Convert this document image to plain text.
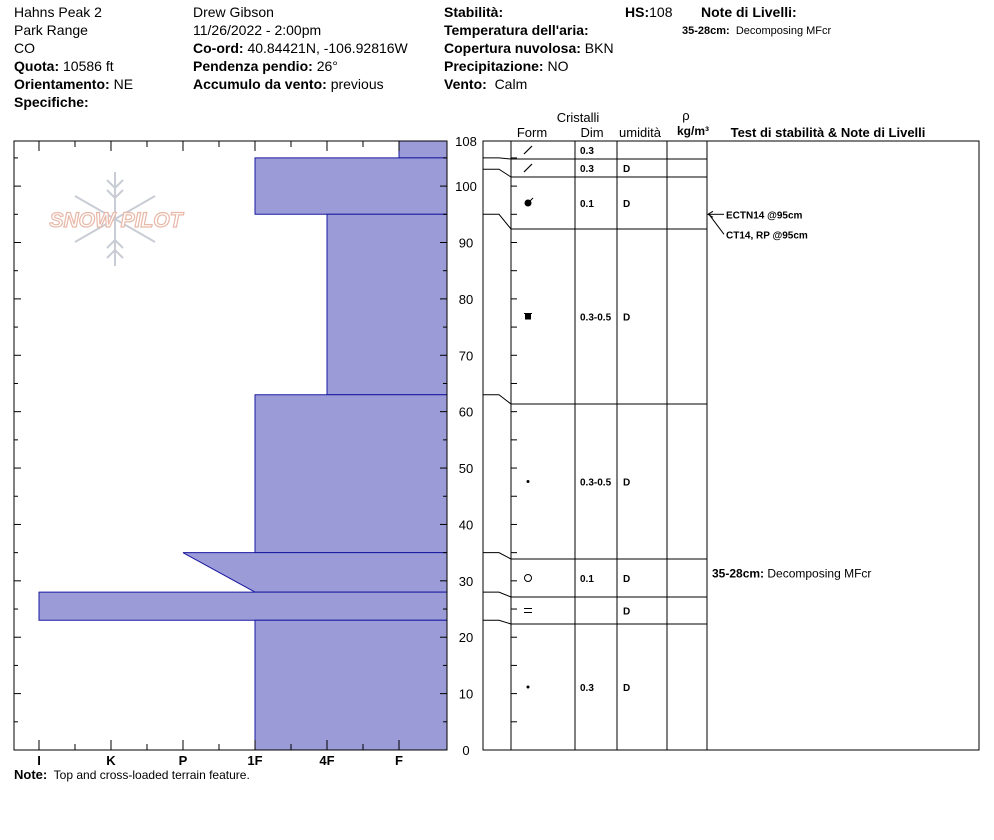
Hahns Peak 2
Park Range
CO
Quota: 10586 ft
Orientamento: NE
Specifiche:
Drew Gibson
11/26/2022 - 2:00pm
Co-ord: 40.84421N, -106.92816W
Pendenza pendio: 26°
Accumulo da vento: previous
Stabilità:
Temperatura dell'aria:
Copertura nuvolosa: BKN
Precipitazione: NO
Vento: Calm
HS:108 Note di Livelli:
35-28cm: Decomposing MFcr
SNOW PILOT
I	K	P	1F	4F	F
0
10
20
30
40
50
60
70
80
90
100
108
0.3
0.3	D
0.1	D
0.3-0.5 D
0.3-0.5 D
0.1	D
D
0.3	D
ECTN14 @95cm
CT14, RP @95cm
35-28cm: Decomposing MFcr
Cristalli
Form	Dim umidità
ρ
kg/m³ Test di stabilità & Note di Livelli
Note: Top and cross-loaded terrain feature.
